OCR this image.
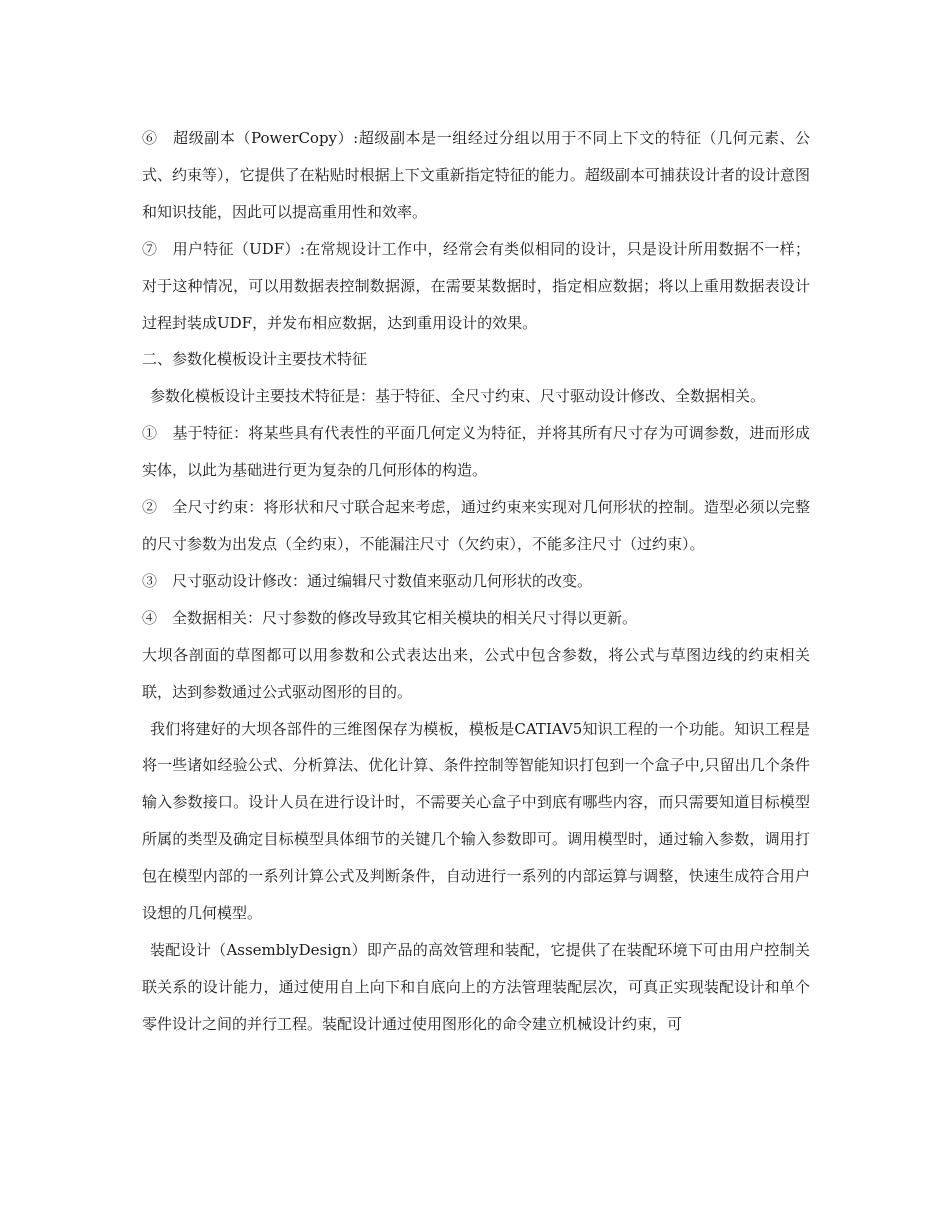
⑥　超级副本（PowerCopy）:超级副本是一组经过分组以用于不同上下文的特征（几何元素、公式、约束等），它提供了在粘贴时根据上下文重新指定特征的能力。超级副本可捕获设计者的设计意图和知识技能，因此可以提高重用性和效率。

⑦　用户特征（UDF）:在常规设计工作中，经常会有类似相同的设计，只是设计所用数据不一样；对于这种情况，可以用数据表控制数据源，在需要某数据时，指定相应数据；将以上重用数据表设计过程封装成UDF，并发布相应数据，达到重用设计的效果。

二、参数化模板设计主要技术特征

参数化模板设计主要技术特征是：基于特征、全尺寸约束、尺寸驱动设计修改、全数据相关。

①　基于特征：将某些具有代表性的平面几何定义为特征，并将其所有尺寸存为可调参数，进而形成实体，以此为基础进行更为复杂的几何形体的构造。

②　全尺寸约束：将形状和尺寸联合起来考虑，通过约束来实现对几何形状的控制。造型必须以完整的尺寸参数为出发点（全约束），不能漏注尺寸（欠约束），不能多注尺寸（过约束）。

③　尺寸驱动设计修改：通过编辑尺寸数值来驱动几何形状的改变。

④　全数据相关：尺寸参数的修改导致其它相关模块的相关尺寸得以更新。

大坝各剖面的草图都可以用参数和公式表达出来，公式中包含参数，将公式与草图边线的约束相关联，达到参数通过公式驱动图形的目的。

我们将建好的大坝各部件的三维图保存为模板，模板是CATIAV5知识工程的一个功能。知识工程是将一些诸如经验公式、分析算法、优化计算、条件控制等智能知识打包到一个盒子中,只留出几个条件输入参数接口。设计人员在进行设计时，不需要关心盒子中到底有哪些内容，而只需要知道目标模型所属的类型及确定目标模型具体细节的关键几个输入参数即可。调用模型时，通过输入参数，调用打包在模型内部的一系列计算公式及判断条件，自动进行一系列的内部运算与调整，快速生成符合用户设想的几何模型。

装配设计（AssemblyDesign）即产品的高效管理和装配，它提供了在装配环境下可由用户控制关联关系的设计能力，通过使用自上向下和自底向上的方法管理装配层次，可真正实现装配设计和单个零件设计之间的并行工程。装配设计通过使用图形化的命令建立机械设计约束，可
